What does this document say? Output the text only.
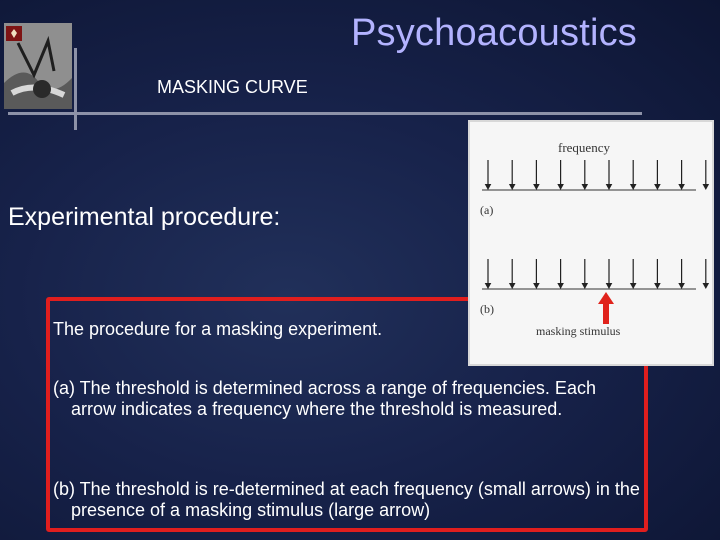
Psychoacoustics
MASKING CURVE
Experimental procedure:
The procedure for a masking experiment.
(a) The threshold is determined across a range of frequencies. Each arrow indicates a frequency where the threshold is measured.
(b) The threshold is re-determined at each frequency (small arrows) in the presence of a masking stimulus (large arrow)
frequency
(a)
(b)
masking stimulus
